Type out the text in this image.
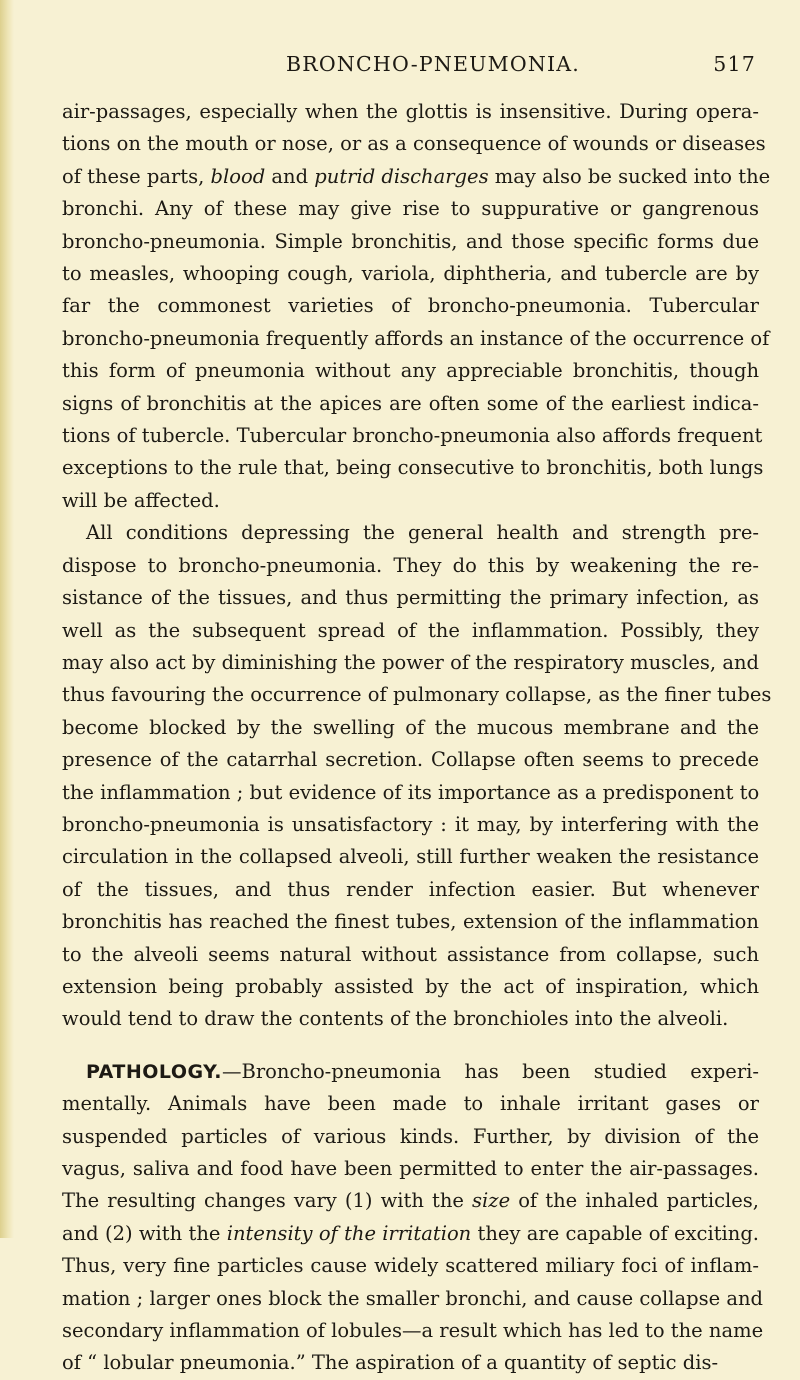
BRONCHO-PNEUMONIA.	517
air-passages, especially when the glottis is insensitive. During opera-
tions on the mouth or nose, or as a consequence of wounds or diseases
of these parts, blood and putrid discharges may also be sucked into the
bronchi. Any of these may give rise to suppurative or gangrenous
broncho-pneumonia. Simple bronchitis, and those specific forms due
to measles, whooping cough, variola, diphtheria, and tubercle are by
far the commonest varieties of broncho-pneumonia. Tubercular
broncho-pneumonia frequently affords an instance of the occurrence of
this form of pneumonia without any appreciable bronchitis, though
signs of bronchitis at the apices are often some of the earliest indica-
tions of tubercle. Tubercular broncho-pneumonia also affords frequent
exceptions to the rule that, being consecutive to bronchitis, both lungs
will be affected.
All conditions depressing the general health and strength pre-
dispose to broncho-pneumonia. They do this by weakening the re-
sistance of the tissues, and thus permitting the primary infection, as
well as the subsequent spread of the inflammation. Possibly, they
may also act by diminishing the power of the respiratory muscles, and
thus favouring the occurrence of pulmonary collapse, as the finer tubes
become blocked by the swelling of the mucous membrane and the
presence of the catarrhal secretion. Collapse often seems to precede
the inflammation ; but evidence of its importance as a predisponent to
broncho-pneumonia is unsatisfactory : it may, by interfering with the
circulation in the collapsed alveoli, still further weaken the resistance
of the tissues, and thus render infection easier. But whenever
bronchitis has reached the finest tubes, extension of the inflammation
to the alveoli seems natural without assistance from collapse, such
extension being probably assisted by the act of inspiration, which
would tend to draw the contents of the bronchioles into the alveoli.
PATHOLOGY.—Broncho-pneumonia has been studied experi-
mentally. Animals have been made to inhale irritant gases or
suspended particles of various kinds. Further, by division of the
vagus, saliva and food have been permitted to enter the air-passages.
The resulting changes vary (1) with the size of the inhaled particles,
and (2) with the intensity of the irritation they are capable of exciting.
Thus, very fine particles cause widely scattered miliary foci of inflam-
mation ; larger ones block the smaller bronchi, and cause collapse and
secondary inflammation of lobules—a result which has led to the name
of “ lobular pneumonia.” The aspiration of a quantity of septic dis-
